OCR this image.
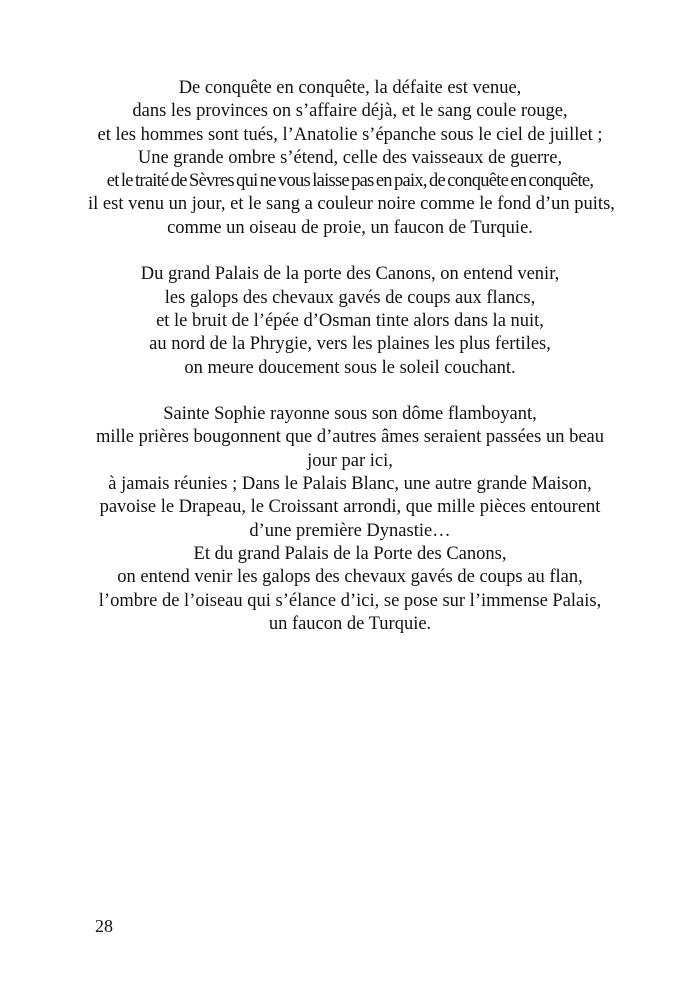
De conquête en conquête, la défaite est venue,
dans les provinces on s’affaire déjà, et le sang coule rouge,
et les hommes sont tués, l’Anatolie s’épanche sous le ciel de juillet ;
Une grande ombre s’étend, celle des vaisseaux de guerre,
et le traité de Sèvres qui ne vous laisse pas en paix, de conquête en conquête,
il est venu un jour, et le sang a couleur noire comme le fond d’un puits,
comme un oiseau de proie, un faucon de Turquie.
Du grand Palais de la porte des Canons, on entend venir,
les galops des chevaux gavés de coups aux flancs,
et le bruit de l’épée d’Osman tinte alors dans la nuit,
au nord de la Phrygie, vers les plaines les plus fertiles,
on meure doucement sous le soleil couchant.
Sainte Sophie rayonne sous son dôme flamboyant,
mille prières bougonnent que d’autres âmes seraient passées un beau
jour par ici,
à jamais réunies ; Dans le Palais Blanc, une autre grande Maison,
pavoise le Drapeau, le Croissant arrondi, que mille pièces entourent
d’une première Dynastie…
Et du grand Palais de la Porte des Canons,
on entend venir les galops des chevaux gavés de coups au flan,
l’ombre de l’oiseau qui s’élance d’ici, se pose sur l’immense Palais,
un faucon de Turquie.
28
